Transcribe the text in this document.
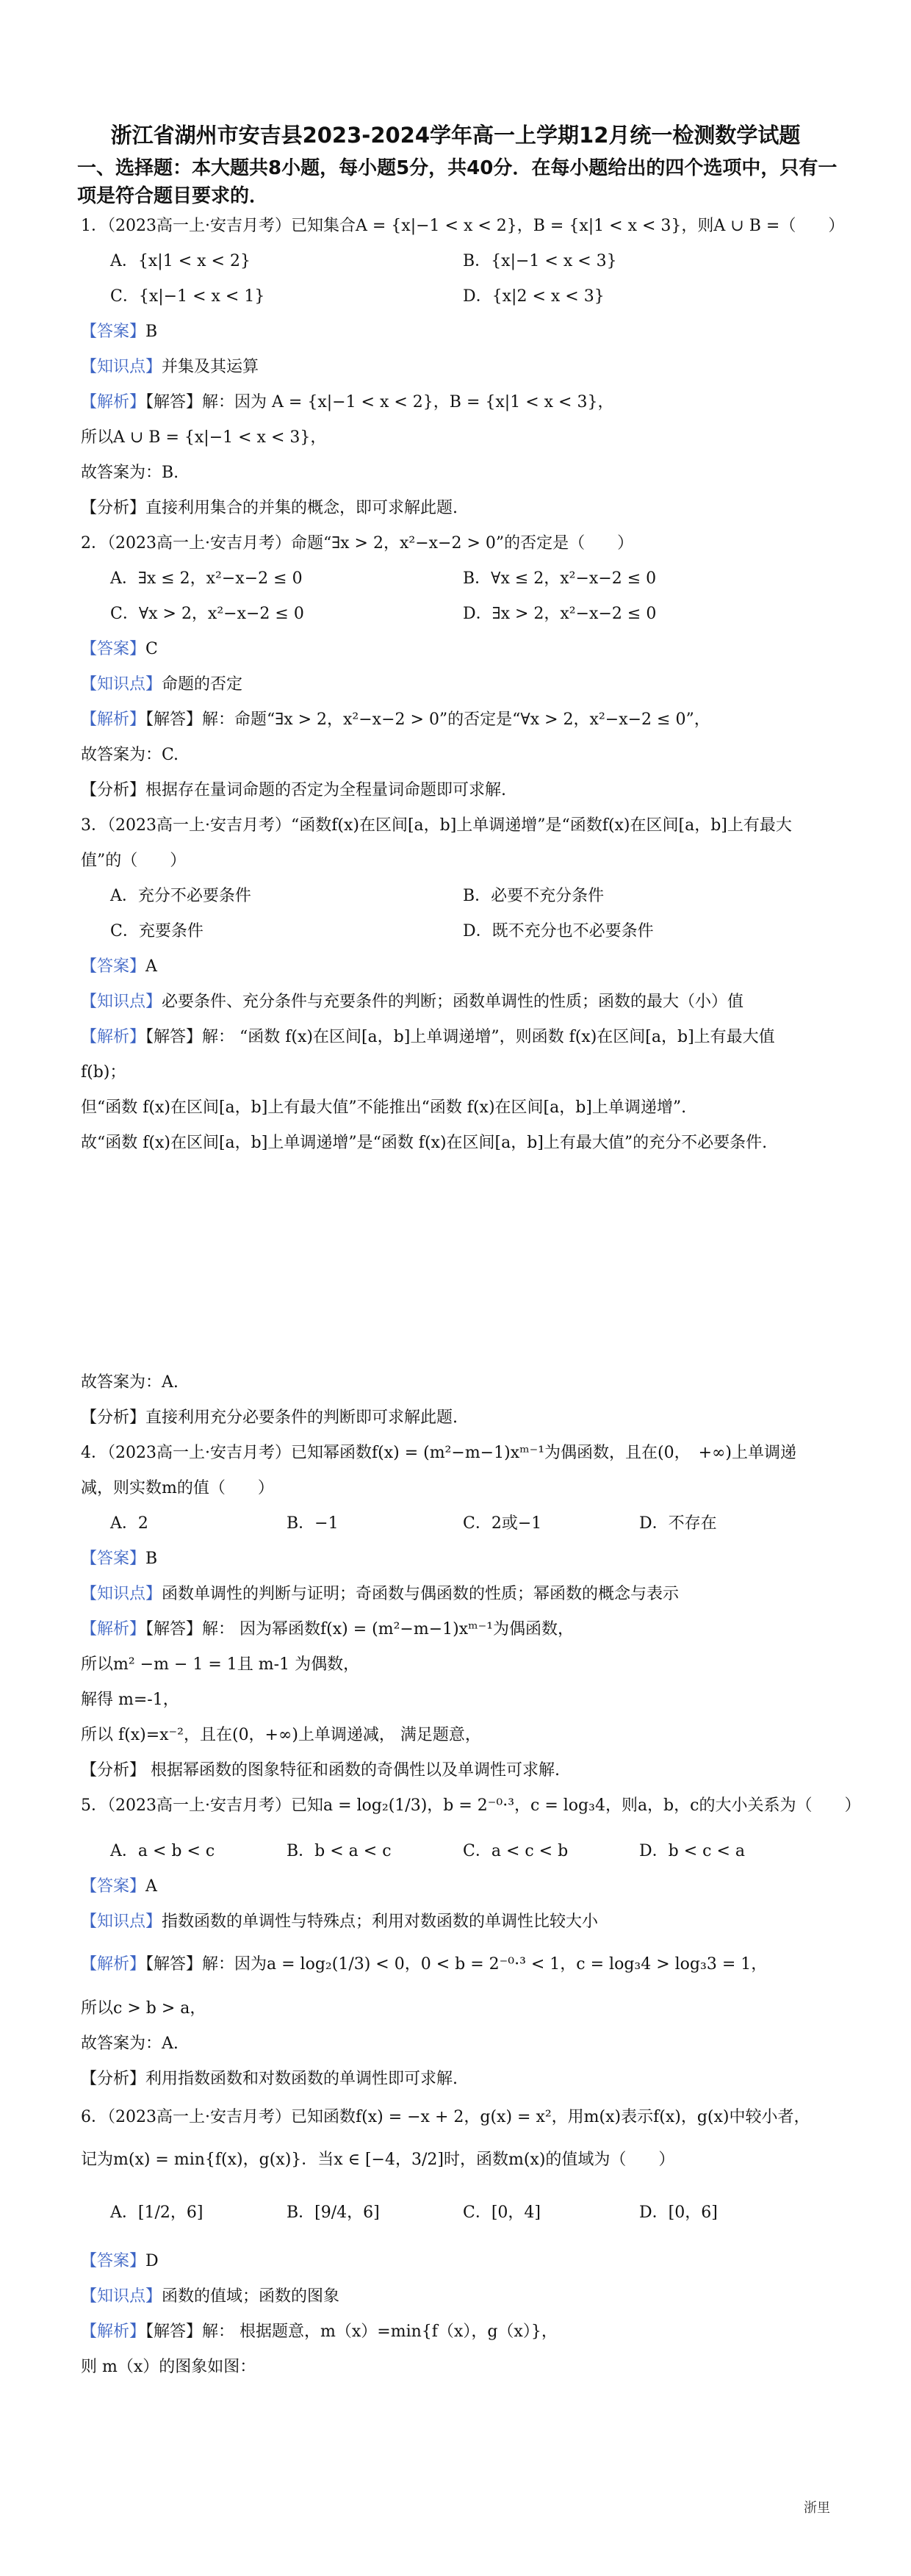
浙江省湖州市安吉县2023-2024学年高一上学期12月统一检测数学试题
一、选择题：本大题共8小题，每小题5分，共40分．在每小题给出的四个选项中，只有一项是符合题目要求的．
1．（2023高一上·安吉月考）已知集合A = {x|−1 < x < 2}，B = {x|1 < x < 3}，则A ∪ B =（　　）
A．{x|1 < x < 2}	B．{x|−1 < x < 3}
C．{x|−1 < x < 1}	D．{x|2 < x < 3}
【答案】B
【知识点】并集及其运算
【解析】【解答】解：因为 A = {x|−1 < x < 2}，B = {x|1 < x < 3}，
所以A ∪ B = {x|−1 < x < 3}，
故答案为：B.
【分析】直接利用集合的并集的概念，即可求解此题.
2．（2023高一上·安吉月考）命题“∃x > 2，x²−x−2 > 0”的否定是（　　）
A．∃x ≤ 2，x²−x−2 ≤ 0	B．∀x ≤ 2，x²−x−2 ≤ 0
C．∀x > 2，x²−x−2 ≤ 0	D．∃x > 2，x²−x−2 ≤ 0
【答案】C
【知识点】命题的否定
【解析】【解答】解：命题“∃x > 2，x²−x−2 > 0”的否定是“∀x > 2，x²−x−2 ≤ 0”，
故答案为：C.
【分析】根据存在量词命题的否定为全程量词命题即可求解.
3．（2023高一上·安吉月考）“函数f(x)在区间[a，b]上单调递增”是“函数f(x)在区间[a，b]上有最大
值”的（　　）
A．充分不必要条件	B．必要不充分条件
C．充要条件	D．既不充分也不必要条件
【答案】A
【知识点】必要条件、充分条件与充要条件的判断；函数单调性的性质；函数的最大（小）值
【解析】【解答】解： “函数 f(x)在区间[a，b]上单调递增”，则函数 f(x)在区间[a，b]上有最大值
f(b)；
但“函数 f(x)在区间[a，b]上有最大值”不能推出“函数 f(x)在区间[a，b]上单调递增”.
故“函数 f(x)在区间[a，b]上单调递增”是“函数 f(x)在区间[a，b]上有最大值”的充分不必要条件.
故答案为：A.
【分析】直接利用充分必要条件的判断即可求解此题.
4．（2023高一上·安吉月考）已知幂函数f(x) = (m²−m−1)xᵐ⁻¹为偶函数，且在(0，　+∞)上单调递
减，则实数m的值（　　）
A．2	B．−1	C．2或−1	D．不存在
【答案】B
【知识点】函数单调性的判断与证明；奇函数与偶函数的性质；幂函数的概念与表示
【解析】【解答】解： 因为幂函数f(x) = (m²−m−1)xᵐ⁻¹为偶函数，
所以m² −m − 1 = 1且 m-1 为偶数，
解得 m=-1，
所以 f(x)=x⁻²，且在(0，+∞)上单调递减， 满足题意，
【分析】 根据幂函数的图象特征和函数的奇偶性以及单调性可求解.
5．（2023高一上·安吉月考）已知a = log₂(1/3)，b = 2⁻⁰·³，c = log₃4，则a，b，c的大小关系为（　　）
A．a < b < c	B．b < a < c	C．a < c < b	D．b < c < a
【答案】A
【知识点】指数函数的单调性与特殊点；利用对数函数的单调性比较大小
【解析】【解答】解：因为a = log₂(1/3) < 0，0 < b = 2⁻⁰·³ < 1，c = log₃4 > log₃3 = 1，
所以c > b > a，
故答案为：A.
【分析】利用指数函数和对数函数的单调性即可求解.
6．（2023高一上·安吉月考）已知函数f(x) = −x + 2，g(x) = x²，用m(x)表示f(x)，g(x)中较小者，
记为m(x) = min{f(x)，g(x)}．当x ∈ [−4，3/2]时，函数m(x)的值域为（　　）
A．[1/2，6]	B．[9/4，6]	C．[0，4]	D．[0，6]
【答案】D
【知识点】函数的值域；函数的图象
【解析】【解答】解： 根据题意，m（x）=min{f（x），g（x）}，
则 m（x）的图象如图：
浙里
